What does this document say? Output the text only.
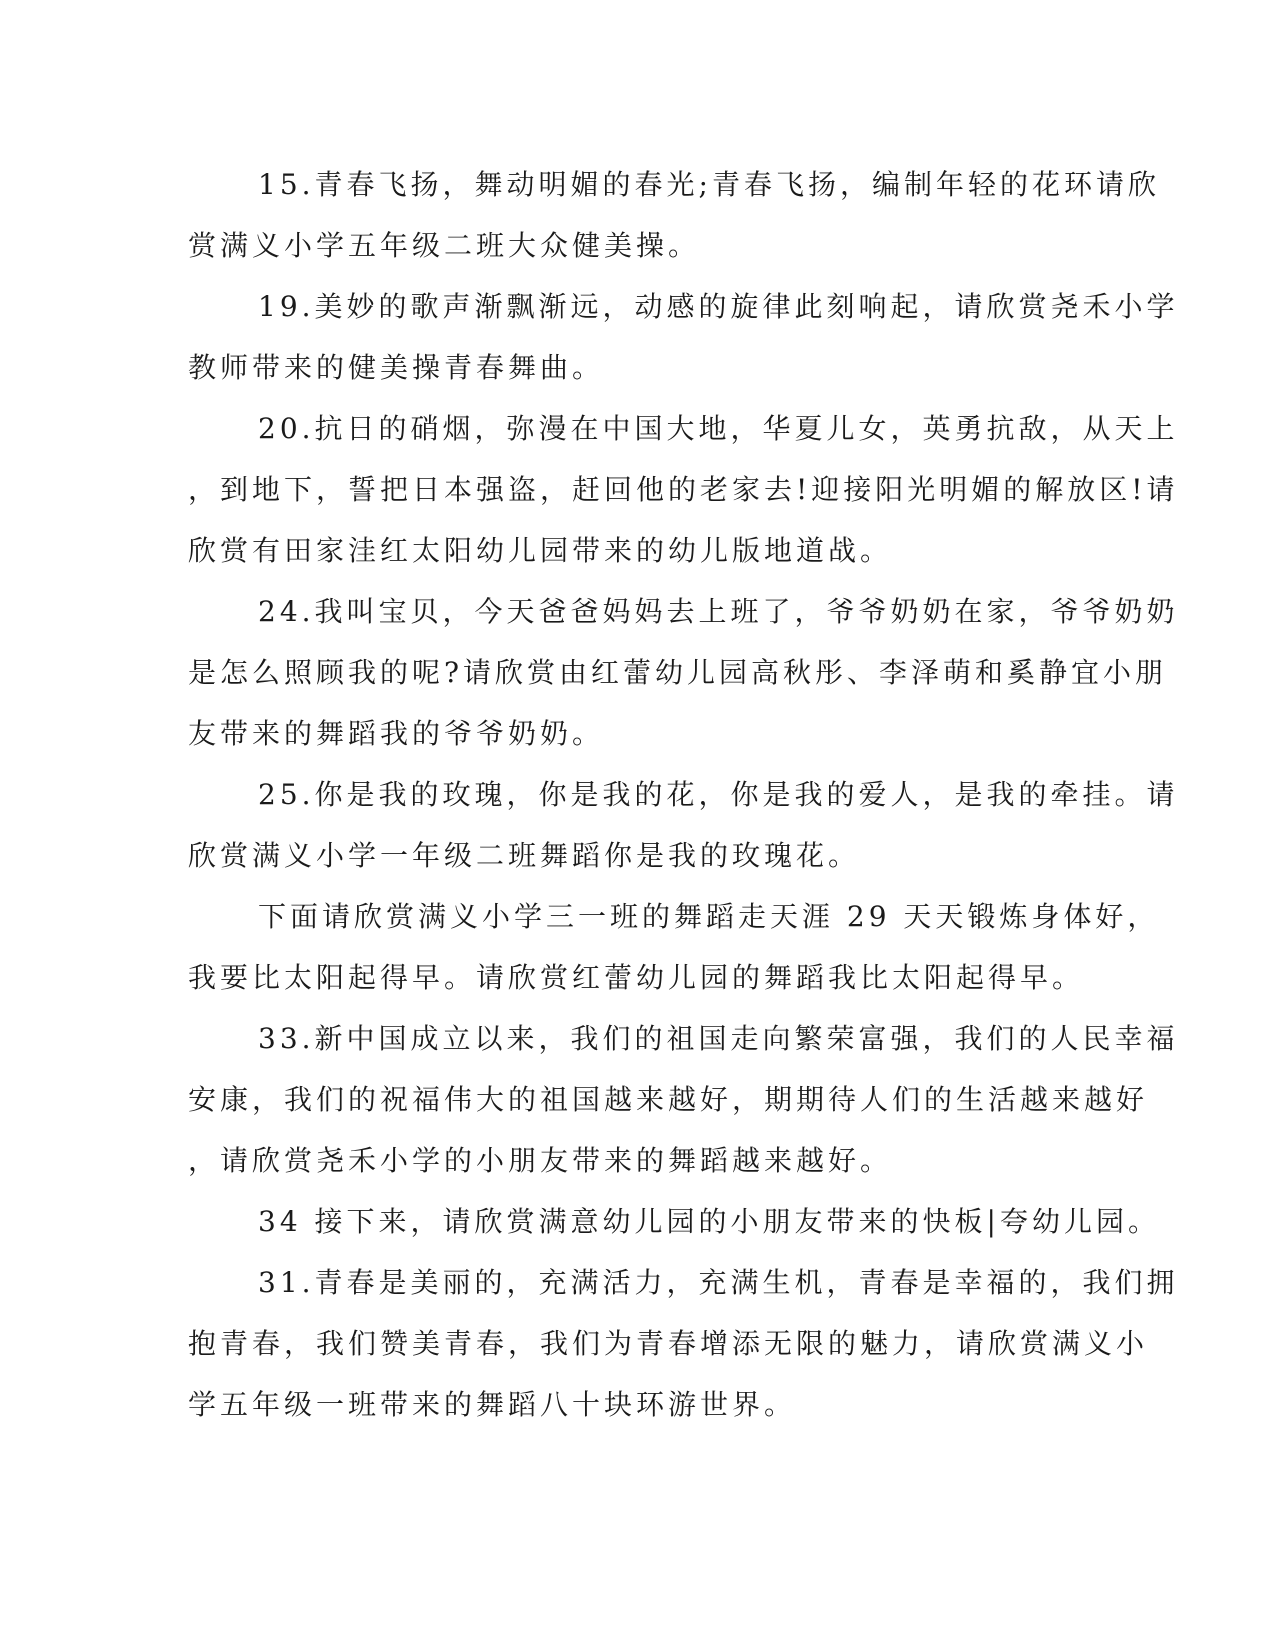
15.青春飞扬，舞动明媚的春光;青春飞扬，编制年轻的花环请欣
赏满义小学五年级二班大众健美操。
19.美妙的歌声渐飘渐远，动感的旋律此刻响起，请欣赏尧禾小学
教师带来的健美操青春舞曲。
20.抗日的硝烟，弥漫在中国大地，华夏儿女，英勇抗敌，从天上
，到地下，誓把日本强盗，赶回他的老家去!迎接阳光明媚的解放区!请
欣赏有田家洼红太阳幼儿园带来的幼儿版地道战。
24.我叫宝贝，今天爸爸妈妈去上班了，爷爷奶奶在家，爷爷奶奶
是怎么照顾我的呢?请欣赏由红蕾幼儿园高秋彤、李泽萌和奚静宜小朋
友带来的舞蹈我的爷爷奶奶。
25.你是我的玫瑰，你是我的花，你是我的爱人，是我的牵挂。请
欣赏满义小学一年级二班舞蹈你是我的玫瑰花。
下面请欣赏满义小学三一班的舞蹈走天涯 29 天天锻炼身体好，
我要比太阳起得早。请欣赏红蕾幼儿园的舞蹈我比太阳起得早。
33.新中国成立以来，我们的祖国走向繁荣富强，我们的人民幸福
安康，我们的祝福伟大的祖国越来越好，期期待人们的生活越来越好
，请欣赏尧禾小学的小朋友带来的舞蹈越来越好。
34 接下来，请欣赏满意幼儿园的小朋友带来的快板|夸幼儿园。
31.青春是美丽的，充满活力，充满生机，青春是幸福的，我们拥
抱青春，我们赞美青春，我们为青春增添无限的魅力，请欣赏满义小
学五年级一班带来的舞蹈八十块环游世界。
